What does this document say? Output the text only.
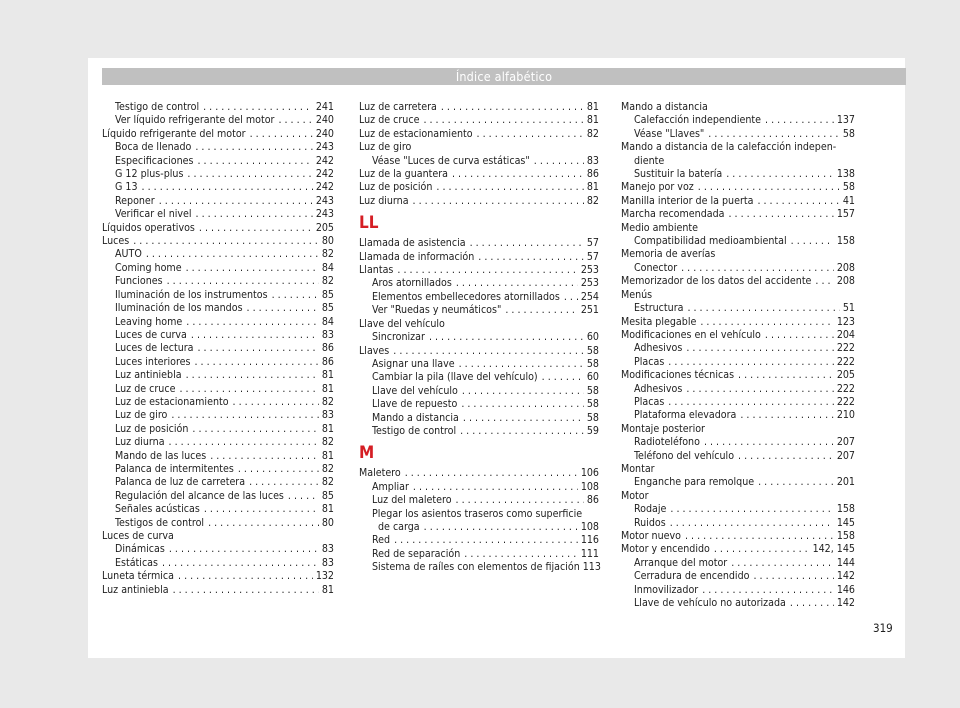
Índice alfabético
Testigo de control . . .	241
Ver líquido refrigerante del motor . . .	240
Líquido refrigerante del motor . . .	240
Boca de llenado . . .	243
Especificaciones . . .	242
G 12 plus-plus . . .	242
G 13 . . .	242
Reponer . . .	243
Verificar el nivel . . .	243
Líquidos operativos . . .	205
Luces . . .	80
AUTO . . .	82
Coming home . . .	84
Funciones . . .	82
Iluminación de los instrumentos . . .	85
Iluminación de los mandos . . .	85
Leaving home . . .	84
Luces de curva . . .	83
Luces de lectura . . .	86
Luces interiores . . .	86
Luz antiniebla . . .	81
Luz de cruce . . .	81
Luz de estacionamiento . . .	82
Luz de giro . . .	83
Luz de posición . . .	81
Luz diurna . . .	82
Mando de las luces . . .	81
Palanca de intermitentes . . .	82
Palanca de luz de carretera . . .	82
Regulación del alcance de las luces . . .	85
Señales acústicas . . .	81
Testigos de control . . .	80
Luces de curva
Dinámicas . . .	83
Estáticas . . .	83
Luneta térmica . . .	132
Luz antiniebla . . .	81
Luz de carretera . . .	81
Luz de cruce . . .	81
Luz de estacionamiento . . .	82
Luz de giro
Véase "Luces de curva estáticas" . . .	83
Luz de la guantera . . .	86
Luz de posición . . .	81
Luz diurna . . .	82
LL
Llamada de asistencia . . .	57
Llamada de información . . .	57
Llantas . . .	253
Aros atornillados . . .	253
Elementos embellecedores atornillados . . . 254
Ver "Ruedas y neumáticos" . . .	251
Llave del vehículo
Sincronizar . . .	60
Llaves . . .	58
Asignar una llave . . .	58
Cambiar la pila (llave del vehículo) . . .	60
Llave del vehículo . . .	58
Llave de repuesto . . .	58
Mando a distancia . . .	58
Testigo de control . . .	59
M
Maletero . . .	106
Ampliar . . .	108
Luz del maletero . . .	86
Plegar los asientos traseros como superficie
de carga . . .	108
Red . . .	116
Red de separación . . .	111
Sistema de raíles con elementos de fijación 113
Mando a distancia
Calefacción independiente . . .	137
Véase "Llaves" . . .	58
Mando a distancia de la calefacción indepen-
diente
Sustituir la batería . . .	138
Manejo por voz . . .	58
Manilla interior de la puerta . . .	41
Marcha recomendada . . .	157
Medio ambiente
Compatibilidad medioambiental . . .	158
Memoria de averías
Conector . . .	208
Memorizador de los datos del accidente . . . 208
Menús
Estructura . . .	51
Mesita plegable . . .	123
Modificaciones en el vehículo . . .	204
Adhesivos . . .	222
Placas . . .	222
Modificaciones técnicas . . .	205
Adhesivos . . .	222
Placas . . .	222
Plataforma elevadora . . .	210
Montaje posterior
Radioteléfono . . .	207
Teléfono del vehículo . . .	207
Montar
Enganche para remolque . . .	201
Motor
Rodaje . . .	158
Ruidos . . .	145
Motor nuevo . . .	158
Motor y encendido . . .	142, 145
Arranque del motor . . .	144
Cerradura de encendido . . .	142
Inmovilizador . . .	146
Llave de vehículo no autorizada . . .	142
319
